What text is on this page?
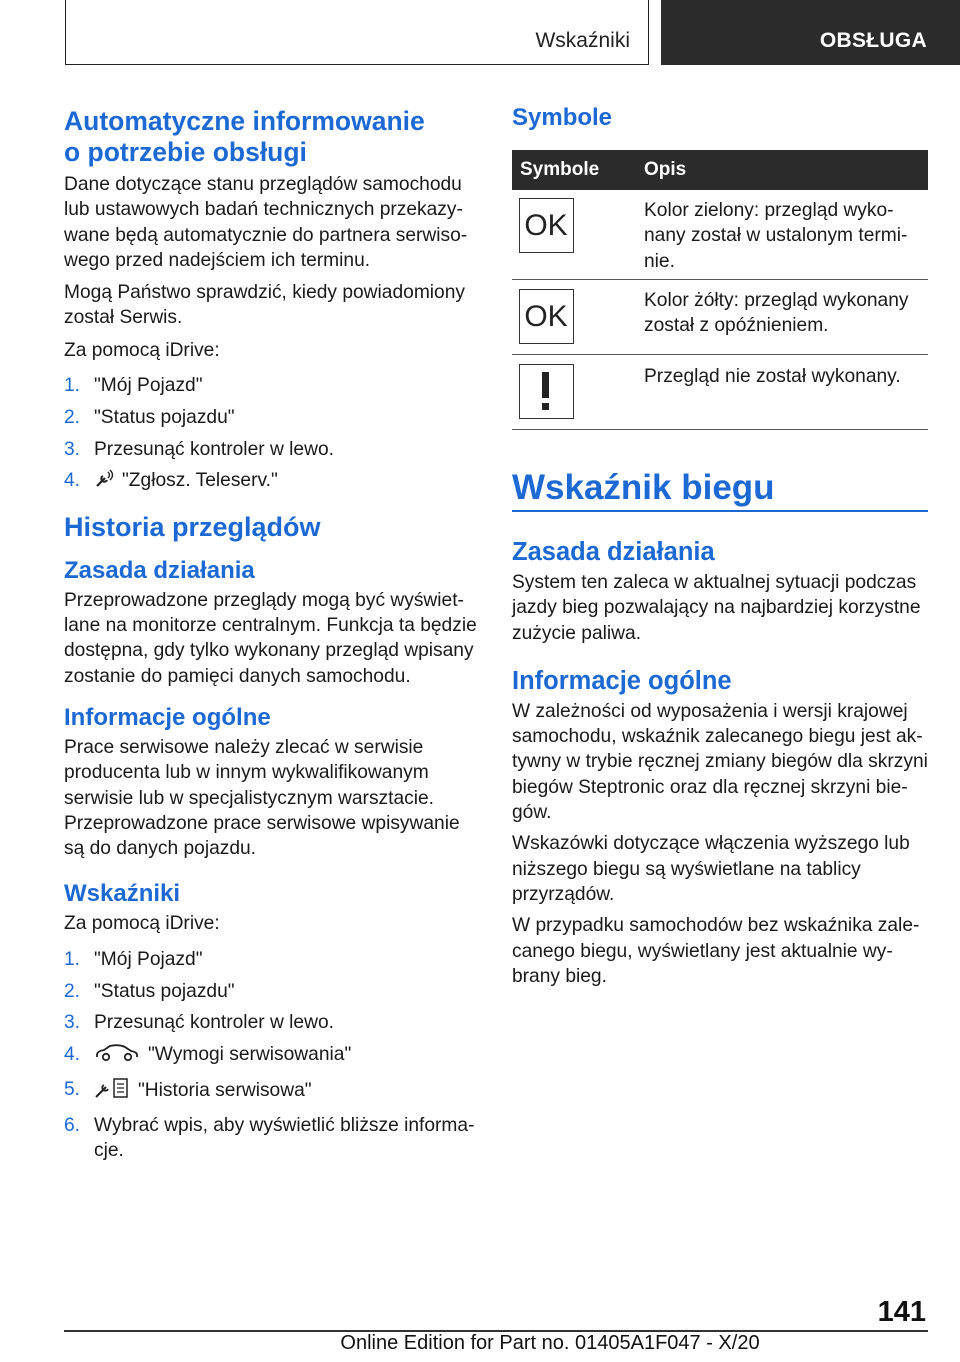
Wskaźniki	OBSŁUGA
Automatyczne informowanie
o potrzebie obsługi

Dane dotyczące stanu przeglądów samochodu lub ustawowych badań technicznych przekazywane będą automatycznie do partnera serwisowego przed nadejściem ich terminu.

Mogą Państwo sprawdzić, kiedy powiadomiony został Serwis.

Za pomocą iDrive:

1. "Mój Pojazd"
2. "Status pojazdu"
3. Przesunąć kontroler w lewo.
4. "Zgłosz. Teleserv."
Historia przeglądów
Zasada działania

Przeprowadzone przeglądy mogą być wyświetlane na monitorze centralnym. Funkcja ta będzie dostępna, gdy tylko wykonany przegląd wpisany zostanie do pamięci danych samochodu.

Informacje ogólne

Prace serwisowe należy zlecać w serwisie producenta lub w innym wykwalifikowanym serwisie lub w specjalistycznym warsztacie. Przeprowadzone prace serwisowe wpisywanie są do danych pojazdu.

Wskaźniki

Za pomocą iDrive:

1. "Mój Pojazd"
2. "Status pojazdu"
3. Przesunąć kontroler w lewo.
4.	"Wymogi serwisowania"
5.	"Historia serwisowa"
6. Wybrać wpis, aby wyświetlić bliższe informacje.
Symbole
Symbole Opis
OK	Kolor zielony: przegląd wykonany został w ustalonym terminie.
OK	Kolor żółty: przegląd wykonany został z opóźnieniem.
Przegląd nie został wykonany.
Wskaźnik biegu
Zasada działania

System ten zaleca w aktualnej sytuacji podczas jazdy bieg pozwalający na najbardziej korzystne zużycie paliwa.

Informacje ogólne

W zależności od wyposażenia i wersji krajowej samochodu, wskaźnik zalecanego biegu jest aktywny w trybie ręcznej zmiany biegów dla skrzyni biegów Steptronic oraz dla ręcznej skrzyni biegów.

Wskazówki dotyczące włączenia wyższego lub niższego biegu są wyświetlane na tablicy przyrządów.

W przypadku samochodów bez wskaźnika zalecanego biegu, wyświetlany jest aktualnie wybrany bieg.

141
Online Edition for Part no. 01405A1F047 - X/20
